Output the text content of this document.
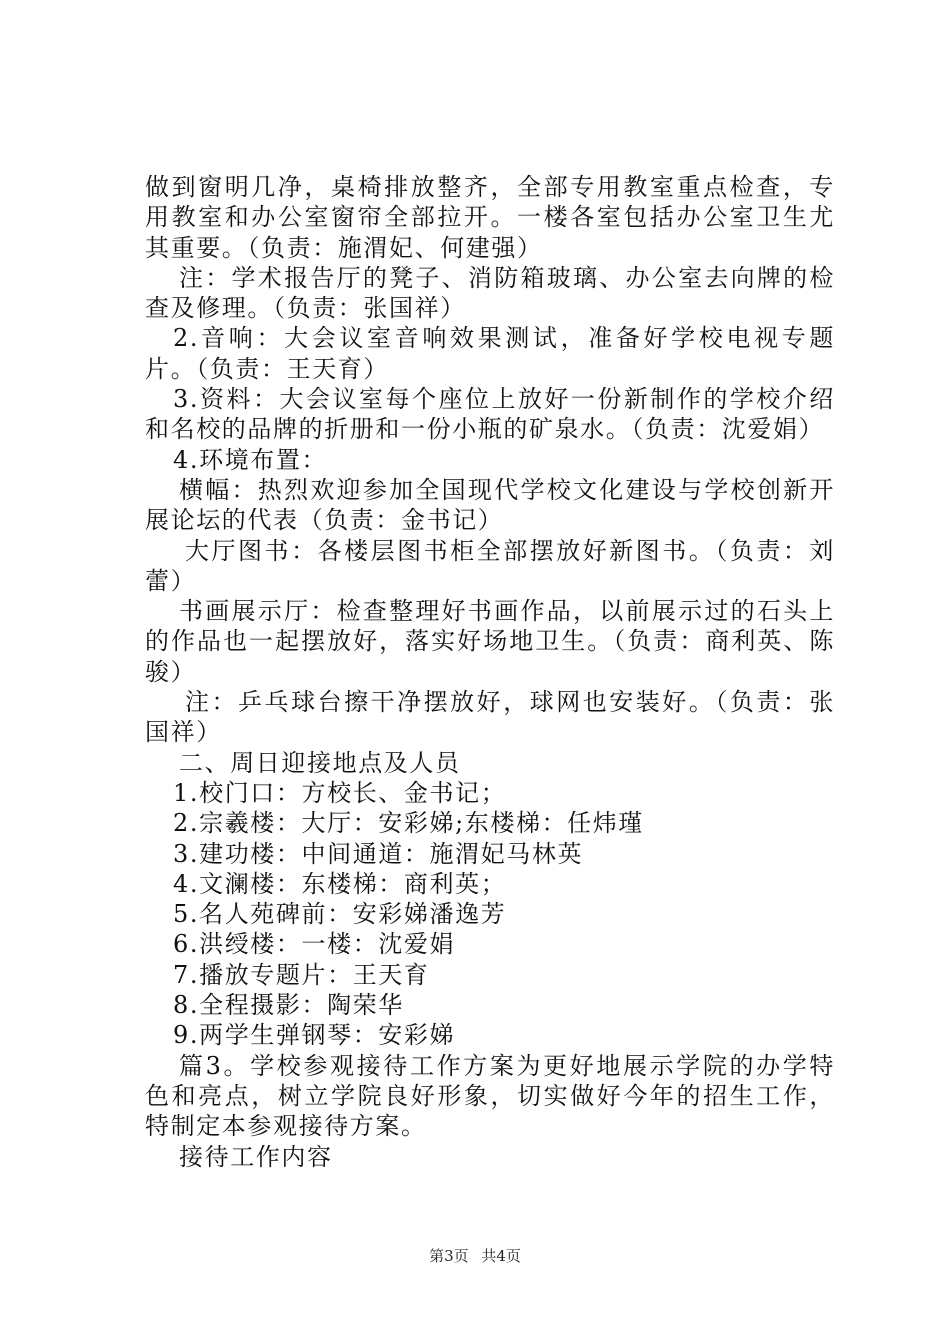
做到窗明几净，桌椅排放整齐，全部专用教室重点检查，专用教室和办公室窗帘全部拉开。一楼各室包括办公室卫生尤其重要。（负责：施渭妃、何建强）

注：学术报告厅的凳子、消防箱玻璃、办公室去向牌的检查及修理。（负责：张国祥）

2.音响：大会议室音响效果测试，准备好学校电视专题片。（负责：王天育）

3.资料：大会议室每个座位上放好一份新制作的学校介绍和名校的品牌的折册和一份小瓶的矿泉水。（负责：沈爱娟）

4.环境布置：

横幅：热烈欢迎参加全国现代学校文化建设与学校创新开展论坛的代表（负责：金书记）

大厅图书：各楼层图书柜全部摆放好新图书。（负责：刘蕾）

书画展示厅：检查整理好书画作品，以前展示过的石头上的作品也一起摆放好，落实好场地卫生。（负责：商利英、陈骏）

注：乒乓球台擦干净摆放好，球网也安装好。（负责：张国祥）

二、周日迎接地点及人员

1.校门口：方校长、金书记；

2.宗羲楼：大厅：安彩娣;东楼梯：任炜瑾

3.建功楼：中间通道：施渭妃马林英

4.文澜楼：东楼梯：商利英；

5.名人苑碑前：安彩娣潘逸芳

6.洪绶楼：一楼：沈爱娟

7.播放专题片：王天育

8.全程摄影：陶荣华

9.两学生弹钢琴：安彩娣

篇3。学校参观接待工作方案为更好地展示学院的办学特色和亮点，树立学院良好形象，切实做好今年的招生工作，特制定本参观接待方案。

接待工作内容

第3页 共4页
